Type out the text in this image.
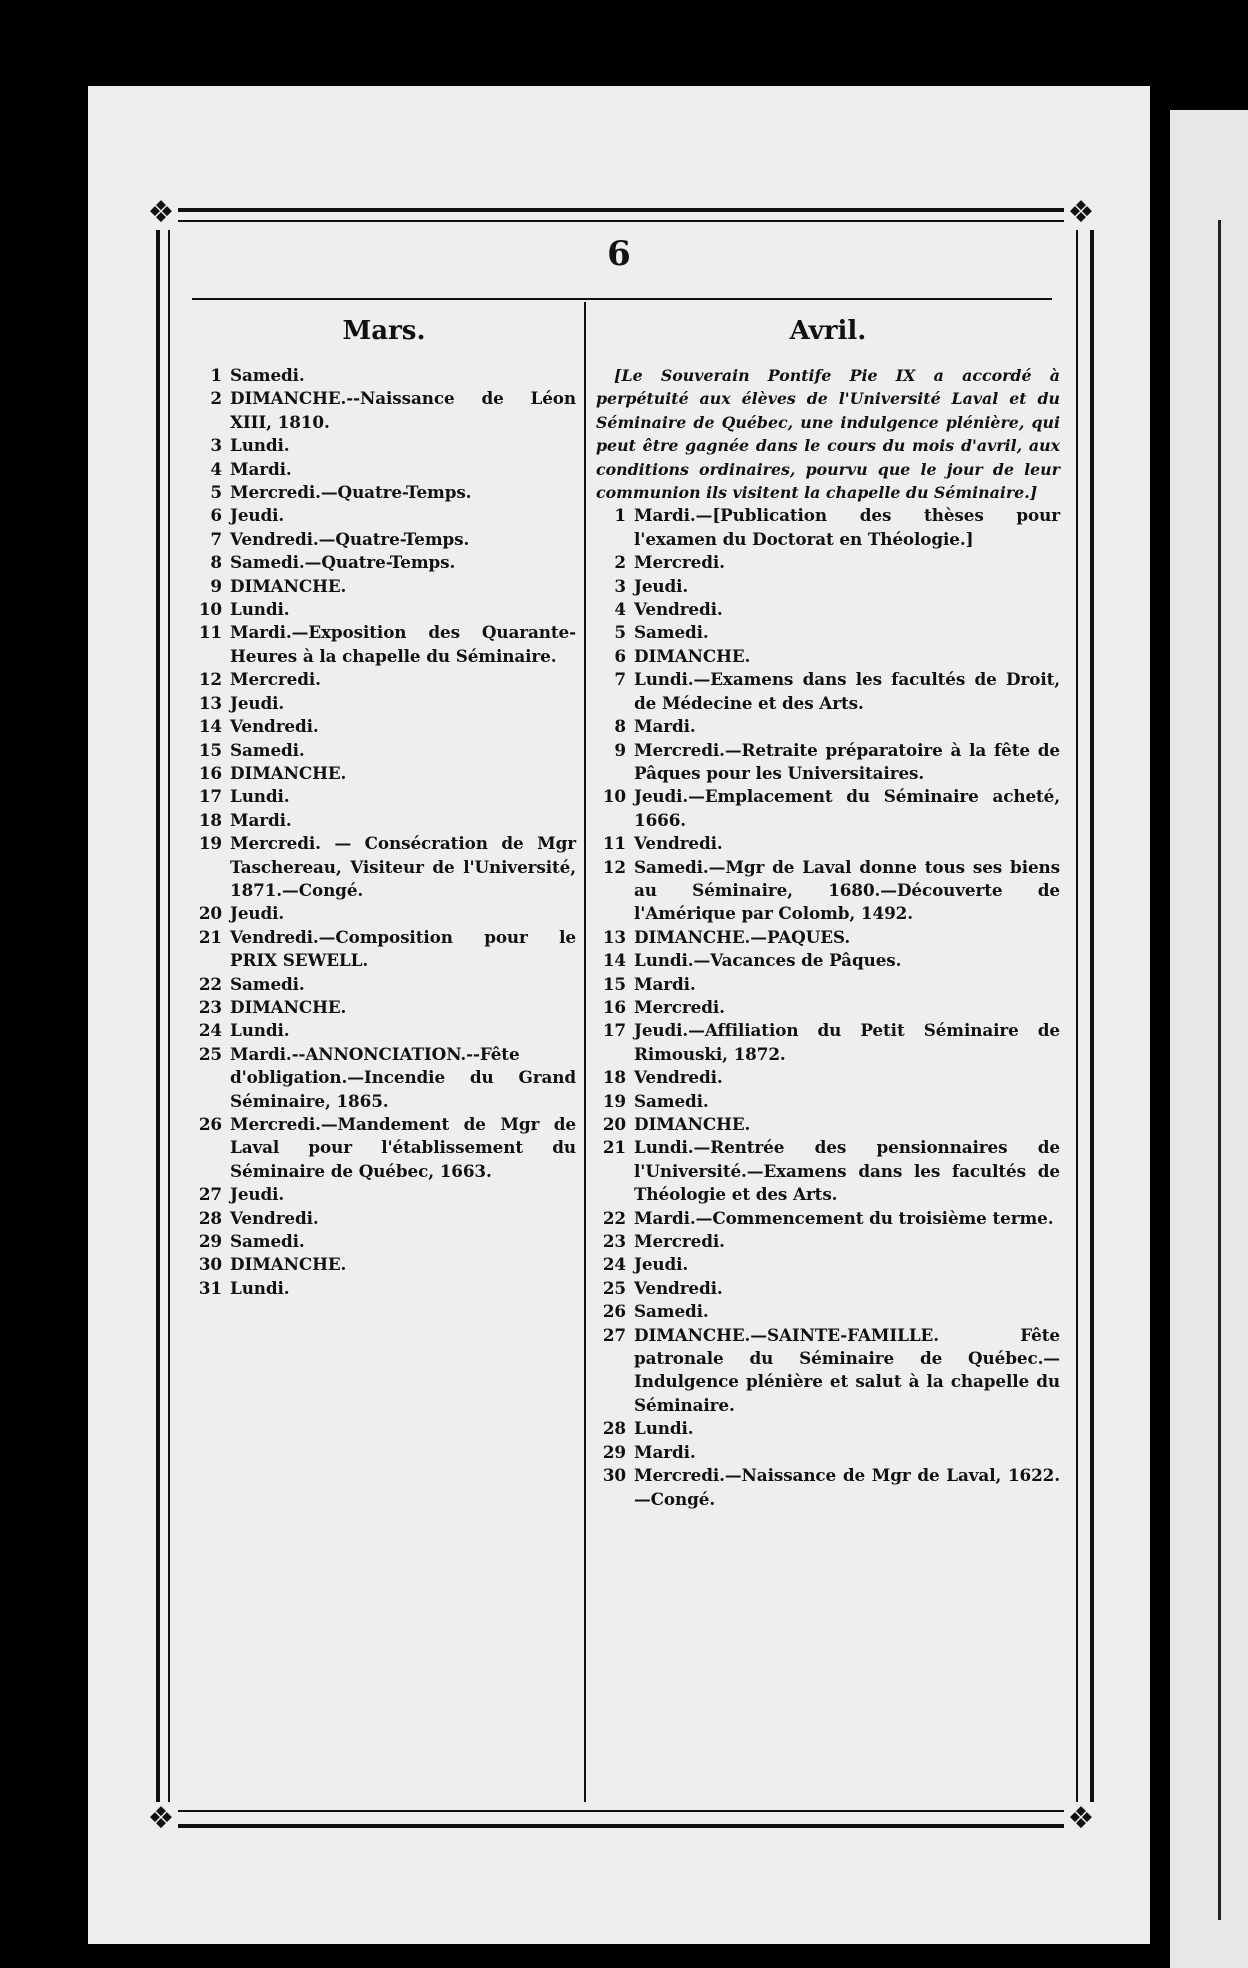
❖	❖
❖	❖
6
Mars.
1 Samedi.
2 DIMANCHE.--Naissance de Léon XIII, 1810.
3 Lundi.
4 Mardi.
5 Mercredi.—Quatre-Temps.
6 Jeudi.
7 Vendredi.—Quatre-Temps.
8 Samedi.—Quatre-Temps.
9 DIMANCHE.
10 Lundi.
11 Mardi.—Exposition des Quarante-Heures à la chapelle du Séminaire.
12 Mercredi.
13 Jeudi.
14 Vendredi.
15 Samedi.
16 DIMANCHE.
17 Lundi.
18 Mardi.
19 Mercredi. — Consécration de Mgr Taschereau, Visiteur de l'Université, 1871.—Congé.
20 Jeudi.
21 Vendredi.—Composition pour le PRIX SEWELL.
22 Samedi.
23 DIMANCHE.
24 Lundi.
25 Mardi.--ANNONCIATION.--Fête d'obligation.—Incendie du Grand Séminaire, 1865.
26 Mercredi.—Mandement de Mgr de Laval pour l'établissement du Séminaire de Québec, 1663.
27 Jeudi.
28 Vendredi.
29 Samedi.
30 DIMANCHE.
31 Lundi.
Avril.

[Le Souverain Pontife Pie IX a accordé à perpétuité aux élèves de l'Université Laval et du Séminaire de Québec, une indulgence plénière, qui peut être gagnée dans le cours du mois d'avril, aux conditions ordinaires, pourvu que le jour de leur communion ils visitent la chapelle du Séminaire.]

1 Mardi.—[Publication des thèses pour l'examen du Doctorat en Théologie.]
2 Mercredi.
3 Jeudi.
4 Vendredi.
5 Samedi.
6 DIMANCHE.
7 Lundi.—Examens dans les facultés de Droit, de Médecine et des Arts.
8 Mardi.
9 Mercredi.—Retraite préparatoire à la fête de Pâques pour les Universitaires.
10 Jeudi.—Emplacement du Séminaire acheté, 1666.
11 Vendredi.
12 Samedi.—Mgr de Laval donne tous ses biens au Séminaire, 1680.—Découverte de l'Amérique par Colomb, 1492.
13 DIMANCHE.—PAQUES.
14 Lundi.—Vacances de Pâques.
15 Mardi.
16 Mercredi.
17 Jeudi.—Affiliation du Petit Séminaire de Rimouski, 1872.
18 Vendredi.
19 Samedi.
20 DIMANCHE.
21 Lundi.—Rentrée des pensionnaires de l'Université.—Examens dans les facultés de Théologie et des Arts.
22 Mardi.—Commencement du troisième terme.
23 Mercredi.
24 Jeudi.
25 Vendredi.
26 Samedi.
27 DIMANCHE.—SAINTE-FAMILLE. Fête patronale du Séminaire de Québec.—Indulgence plénière et salut à la chapelle du Séminaire.
28 Lundi.
29 Mardi.
30 Mercredi.—Naissance de Mgr de Laval, 1622.—Congé.
